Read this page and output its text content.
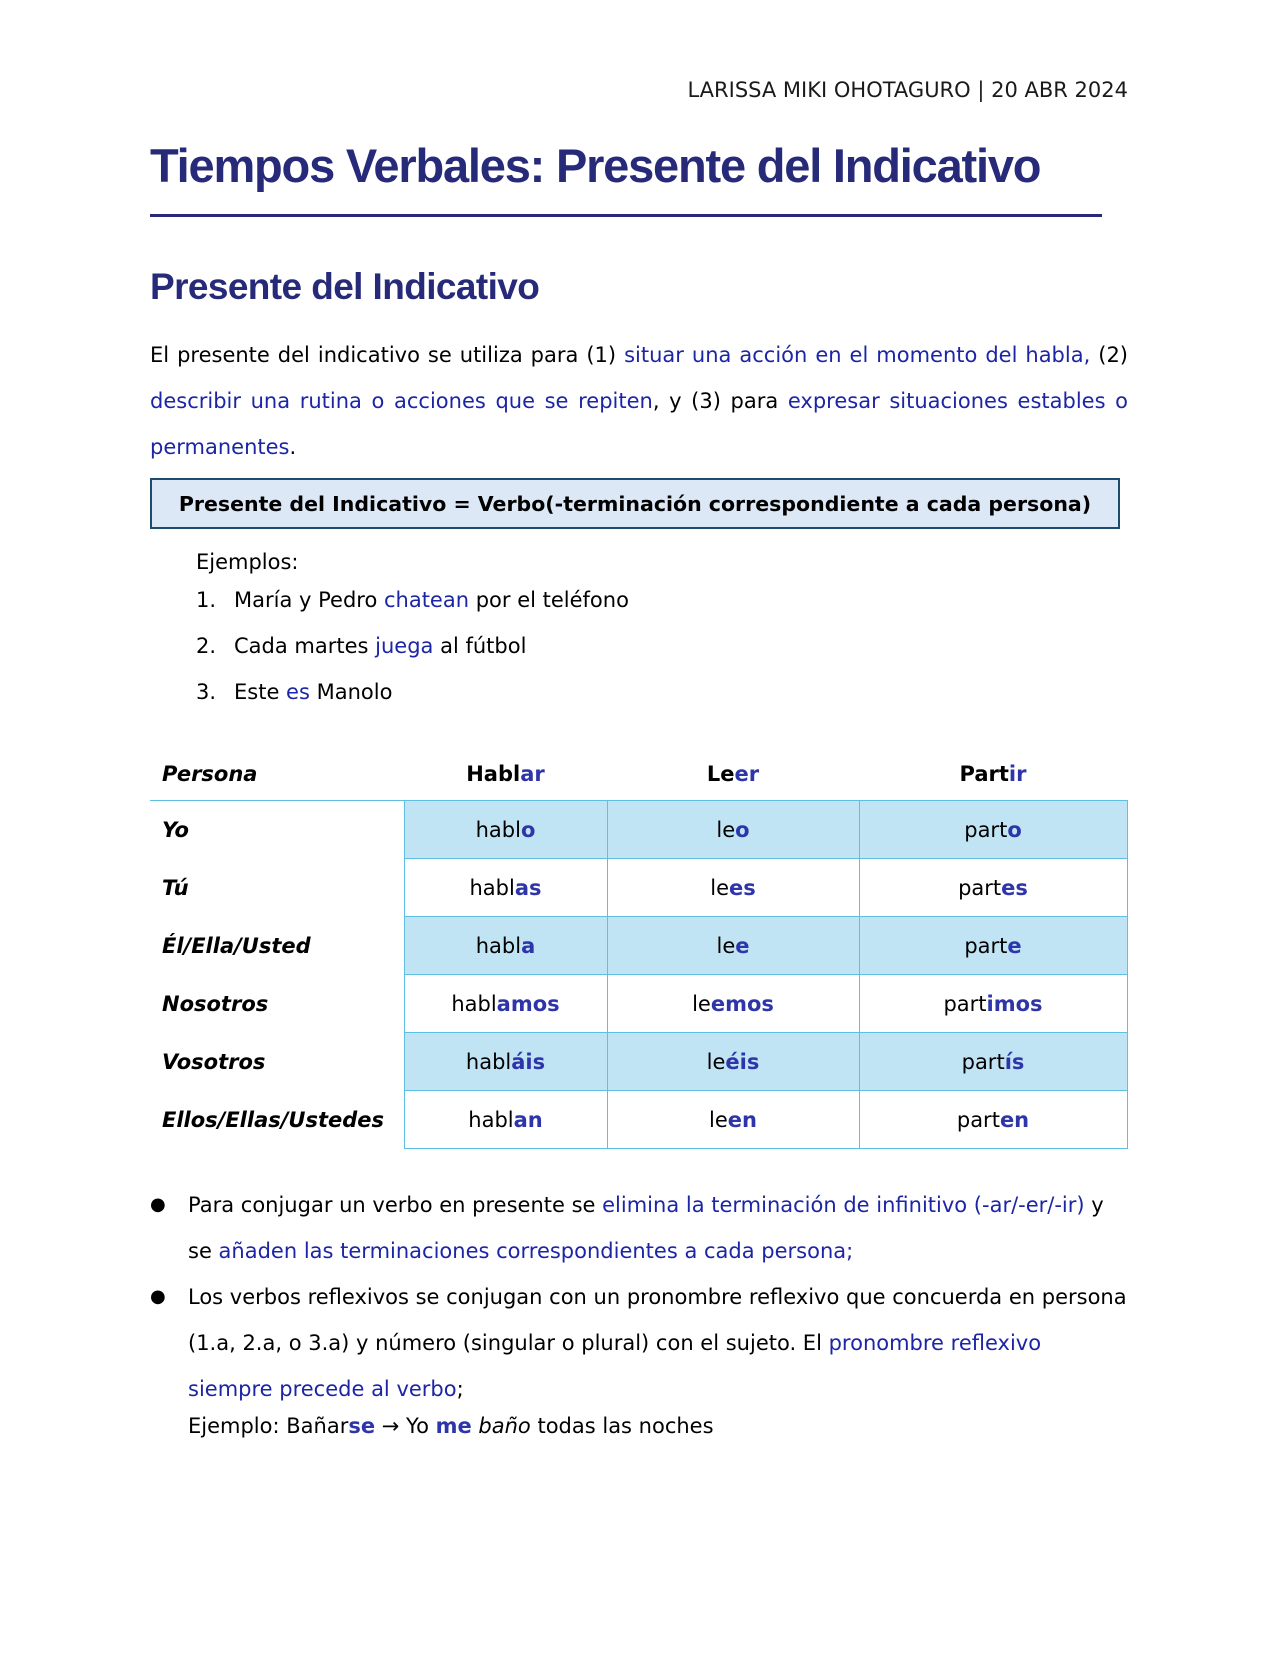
LARISSA MIKI OHOTAGURO | 20 ABR 2024
Tiempos Verbales: Presente del Indicativo
Presente del Indicativo

El presente del indicativo se utiliza para (1) situar una acción en el momento del habla, (2) describir una rutina o acciones que se repiten, y (3) para expresar situaciones estables o permanentes.

Presente del Indicativo = Verbo(-terminación correspondiente a cada persona)
Ejemplos:
1. María y Pedro chatean por el teléfono
2. Cada martes juega al fútbol
3. Este es Manolo
Persona	Hablar	Leer	Partir
Yo	hablo	leo	parto
Tú	hablas	lees	partes
Él/Ella/Usted	habla	lee	parte
Nosotros	hablamos	leemos	partimos
Vosotros	habláis	leéis	partís
Ellos/Ellas/Ustedes	hablan	leen	parten
● Para conjugar un verbo en presente se elimina la terminación de infinitivo (-ar/-er/-ir) y se añaden las terminaciones correspondientes a cada persona;
● Los verbos reflexivos se conjugan con un pronombre reflexivo que concuerda en persona (1.a, 2.a, o 3.a) y número (singular o plural) con el sujeto. El pronombre reflexivo siempre precede al verbo;
Ejemplo: Bañarse → Yo me baño todas las noches
